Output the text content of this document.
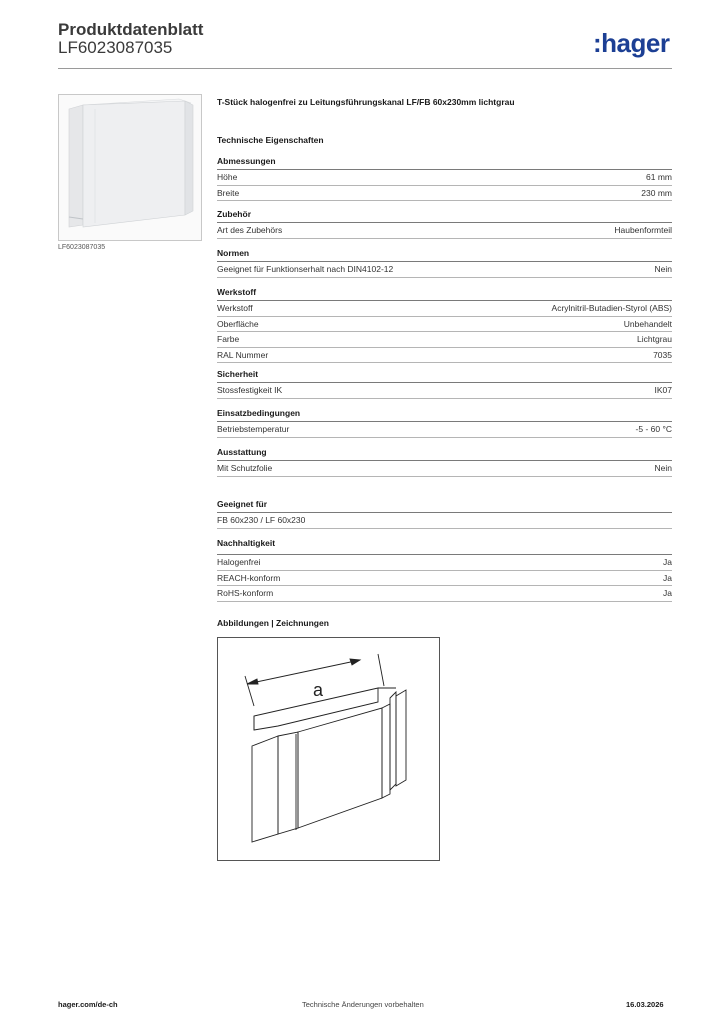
Produktdatenblatt
LF6023087035	:hager
LF6023087035
T-Stück halogenfrei zu Leitungsführungskanal LF/FB 60x230mm lichtgrau
Technische Eigenschaften
Abmessungen
Höhe	61 mm
Breite	230 mm
Zubehör
Art des Zubehörs	Haubenformteil
Normen
Geeignet für Funktionserhalt nach DIN4102-12	Nein
Werkstoff
Werkstoff	Acrylnitril-Butadien-Styrol (ABS)
Oberfläche	Unbehandelt
Farbe	Lichtgrau
RAL Nummer	7035
Sicherheit
Stossfestigkeit IK	IK07
Einsatzbedingungen
Betriebstemperatur	-5 - 60 °C
Ausstattung
Mit Schutzfolie	Nein
Geeignet für
FB 60x230 / LF 60x230
Nachhaltigkeit
Halogenfrei	Ja
REACH-konform	Ja
RoHS-konform	Ja
Abbildungen | Zeichnungen
a
hager.com/de-ch	Technische Änderungen vorbehalten	16.03.2026
